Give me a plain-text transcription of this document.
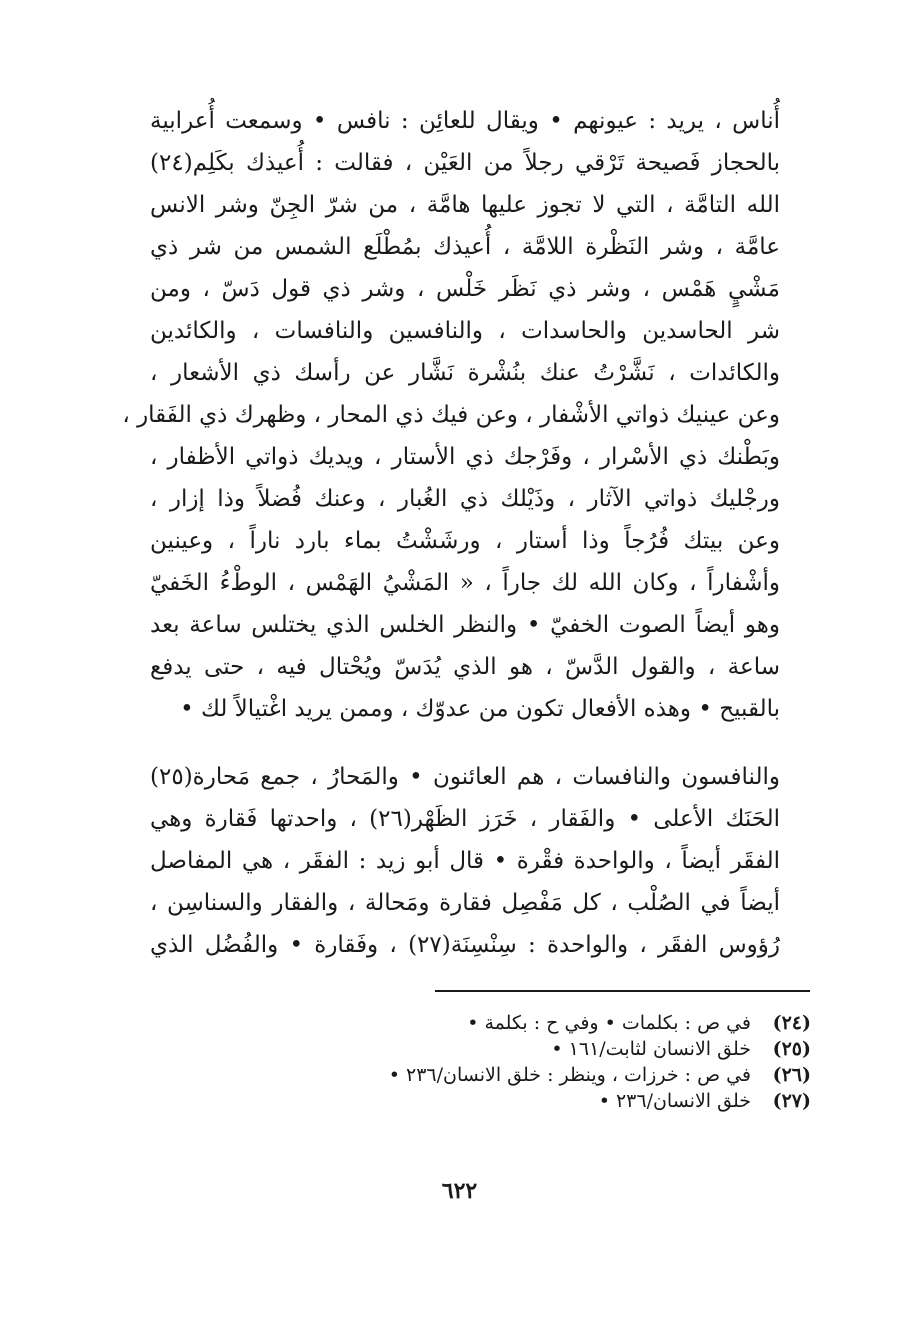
أُناس ، يريد : عيونهم • ويقال للعائِن : نافس • وسمعت أُعرابية
بالحجاز فَصيحة تَرْقي رجلاً من العَيْن ، فقالت : أُعيذك بكَلِم(٢٤)
الله التامَّة ، التي لا تجوز عليها هامَّة ، من شرّ الجِنّ وشر الانس
عامَّة ، وشر النَظْرة اللامَّة ، أُعيذك بمُطْلَع الشمس من شر ذي
مَشْيٍ هَمْس ، وشر ذي نَظَر خَلْس ، وشر ذي قول دَسّ ، ومن
شر الحاسدين والحاسدات ، والنافسين والنافسات ، والكائدين
والكائدات ، نَشَّرْتُ عنك بنُشْرة نَشَّار عن رأسك ذي الأشعار ،
وعن عينيك ذواتي الأشْفار ، وعن فيك ذي المحار ، وظهرك ذي الفَقار ،
وبَطْنك ذي الأسْرار ، وفَرْجك ذي الأستار ، ويديك ذواتي الأظفار ،
ورجْليك ذواتي الآثار ، وذَيْلك ذي الغُبار ، وعنك فُضلاً وذا إزار ،
وعن بيتك فُرُجاً وذا أستار ، ورشَشْتُ بماء بارد ناراً ، وعينين
وأشْفاراً ، وكان الله لك جاراً ، « المَشْيُ الهَمْس ، الوطْءُ الخَفيّ
وهو أيضاً الصوت الخفيّ • والنظر الخلس الذي يختلس ساعة بعد
ساعة ، والقول الدَّسّ ، هو الذي يُدَسّ ويُحْتال فيه ، حتى يدفع
بالقبيح • وهذه الأفعال تكون من عدوّك ، وممن يريد اغْتيالاً لك •
والنافسون والنافسات ، هم العائنون • والمَحارُ ، جمع مَحارة(٢٥)
الحَنَك الأعلى • والفَقار ، خَرَز الظَهْر(٢٦) ، واحدتها فَقارة وهي
الفقَر أيضاً ، والواحدة فقْرة • قال أبو زيد : الفقَر ، هي المفاصل
أيضاً في الصُلْب ، كل مَفْصِل فقارة ومَحالة ، والفقار والسناسِن ،
رُؤوس الفقَر ، والواحدة : سِنْسِنَة(٢٧) ، وفَقارة • والفُضُل الذي
(٢٤)
في ص : بكلمات • وفي ح : بكلمة •
(٢٥)
خلق الانسان لثابت/١٦١ •
(٢٦)
في ص : خرزات ، وينظر : خلق الانسان/٢٣٦ •
(٢٧)
خلق الانسان/٢٣٦ •
٦٢٢
